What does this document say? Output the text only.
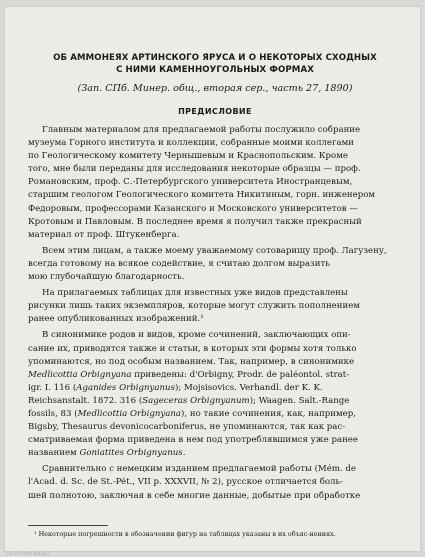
ОБ АММОНЕЯХ АРТИНСКОГО ЯРУСА И О НЕКОТОРЫХ СХОДНЫХ
С НИМИ КАМЕННОУГОЛЬНЫХ ФОРМАХ
(Зап. СПб. Минер. общ., вторая сер., часть 27, 1890)
ПРЕДИСЛОВИЕ

Главным материалом для предлагаемой работы послужило собрание
музеума Горного института и коллекции, собранные моими коллегами
по Геологическому комитету Чернышевым и Краснопольским. Кроме
того, мне были переданы для исследования некоторые образцы — проф.
Романовским, проф. С.-Петербургского университета Иностранцевым,
старшим геологом Геологического комитета Никитиным, горн. инженером
Федоровым, профессорами Казанского и Московского университетов —
Кротовым и Павловым. В последнее время я получил также прекрасный
материал от проф. Штукенберга.

Всем этим лицам, а также моему уважаемому сотоварищу проф. Лагузену,
всегда готовому на всякое содействие, я считаю долгом выразить
мою глубочайшую благодарность.

На прилагаемых таблицах для известных уже видов представлены
рисунки лишь таких экземпляров, которые могут служить пополнением
ранее опубликованных изображений.¹

В синонимике родов и видов, кроме сочинений, заключающих опи-
сание их, приводятся также и статьи, в которых эти формы хотя только
упоминаются, но под особым названием. Так, например, в синонимике
Medlicottia Orbignyana приведены: d'Orbigny, Prodr. de paléontol. strat-
igr. I. 116 (Aganides Orbignyanus); Mojsisovics. Verhandl. der K. K.
Reichsanstalt. 1872. 316 (Sageceras Orbignyanum); Waagen. Salt.-Range
fossils, 83 (Medlicottia Orbignyana), но такие сочинения, как, например,
Bigsby, Thesaurus devonicocarboniferus, не упоминаются, так как рас-
сматриваемая форма приведена в нем под употреблявшимся уже ранее
названием Goniatites Orbignyanus.

Сравнительно с немецким изданием предлагаемой работы (Mém. de
l'Acad. d. Sc. de St.-Pét., VII p. XXXVII, № 2), русское отличается боль-
шей полнотою, заключая в себе многие данные, добытые при обработке

¹ Некоторые погрешности в обозначении фигур на таблицах указаны в их объяс-нениях.
[Scanned page]
